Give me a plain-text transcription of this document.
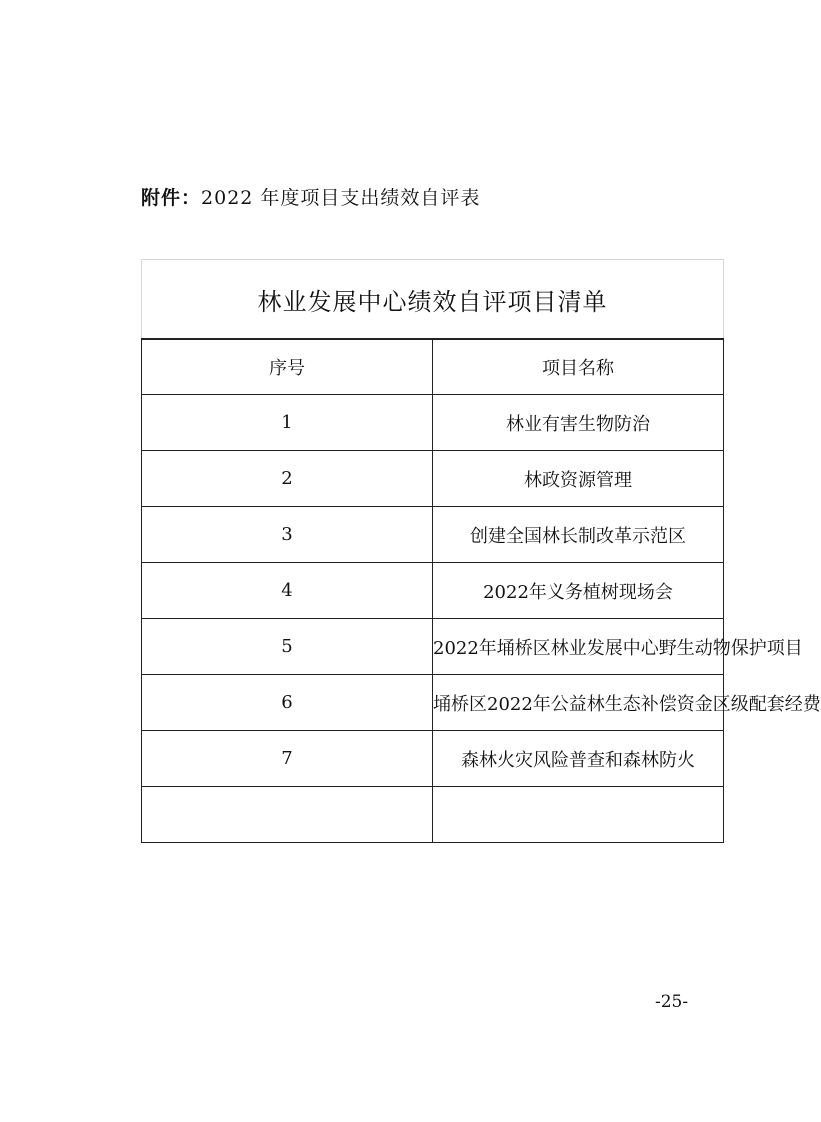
附件：2022 年度项目支出绩效自评表
林业发展中心绩效自评项目清单	
序号	项目名称
1	林业有害生物防治
2	林政资源管理
3	创建全国林长制改革示范区
4	2022年义务植树现场会
5	2022年埇桥区林业发展中心野生动物保护项目
6	埇桥区2022年公益林生态补偿资金区级配套经费
7	森林火灾风险普查和森林防火

-25-
